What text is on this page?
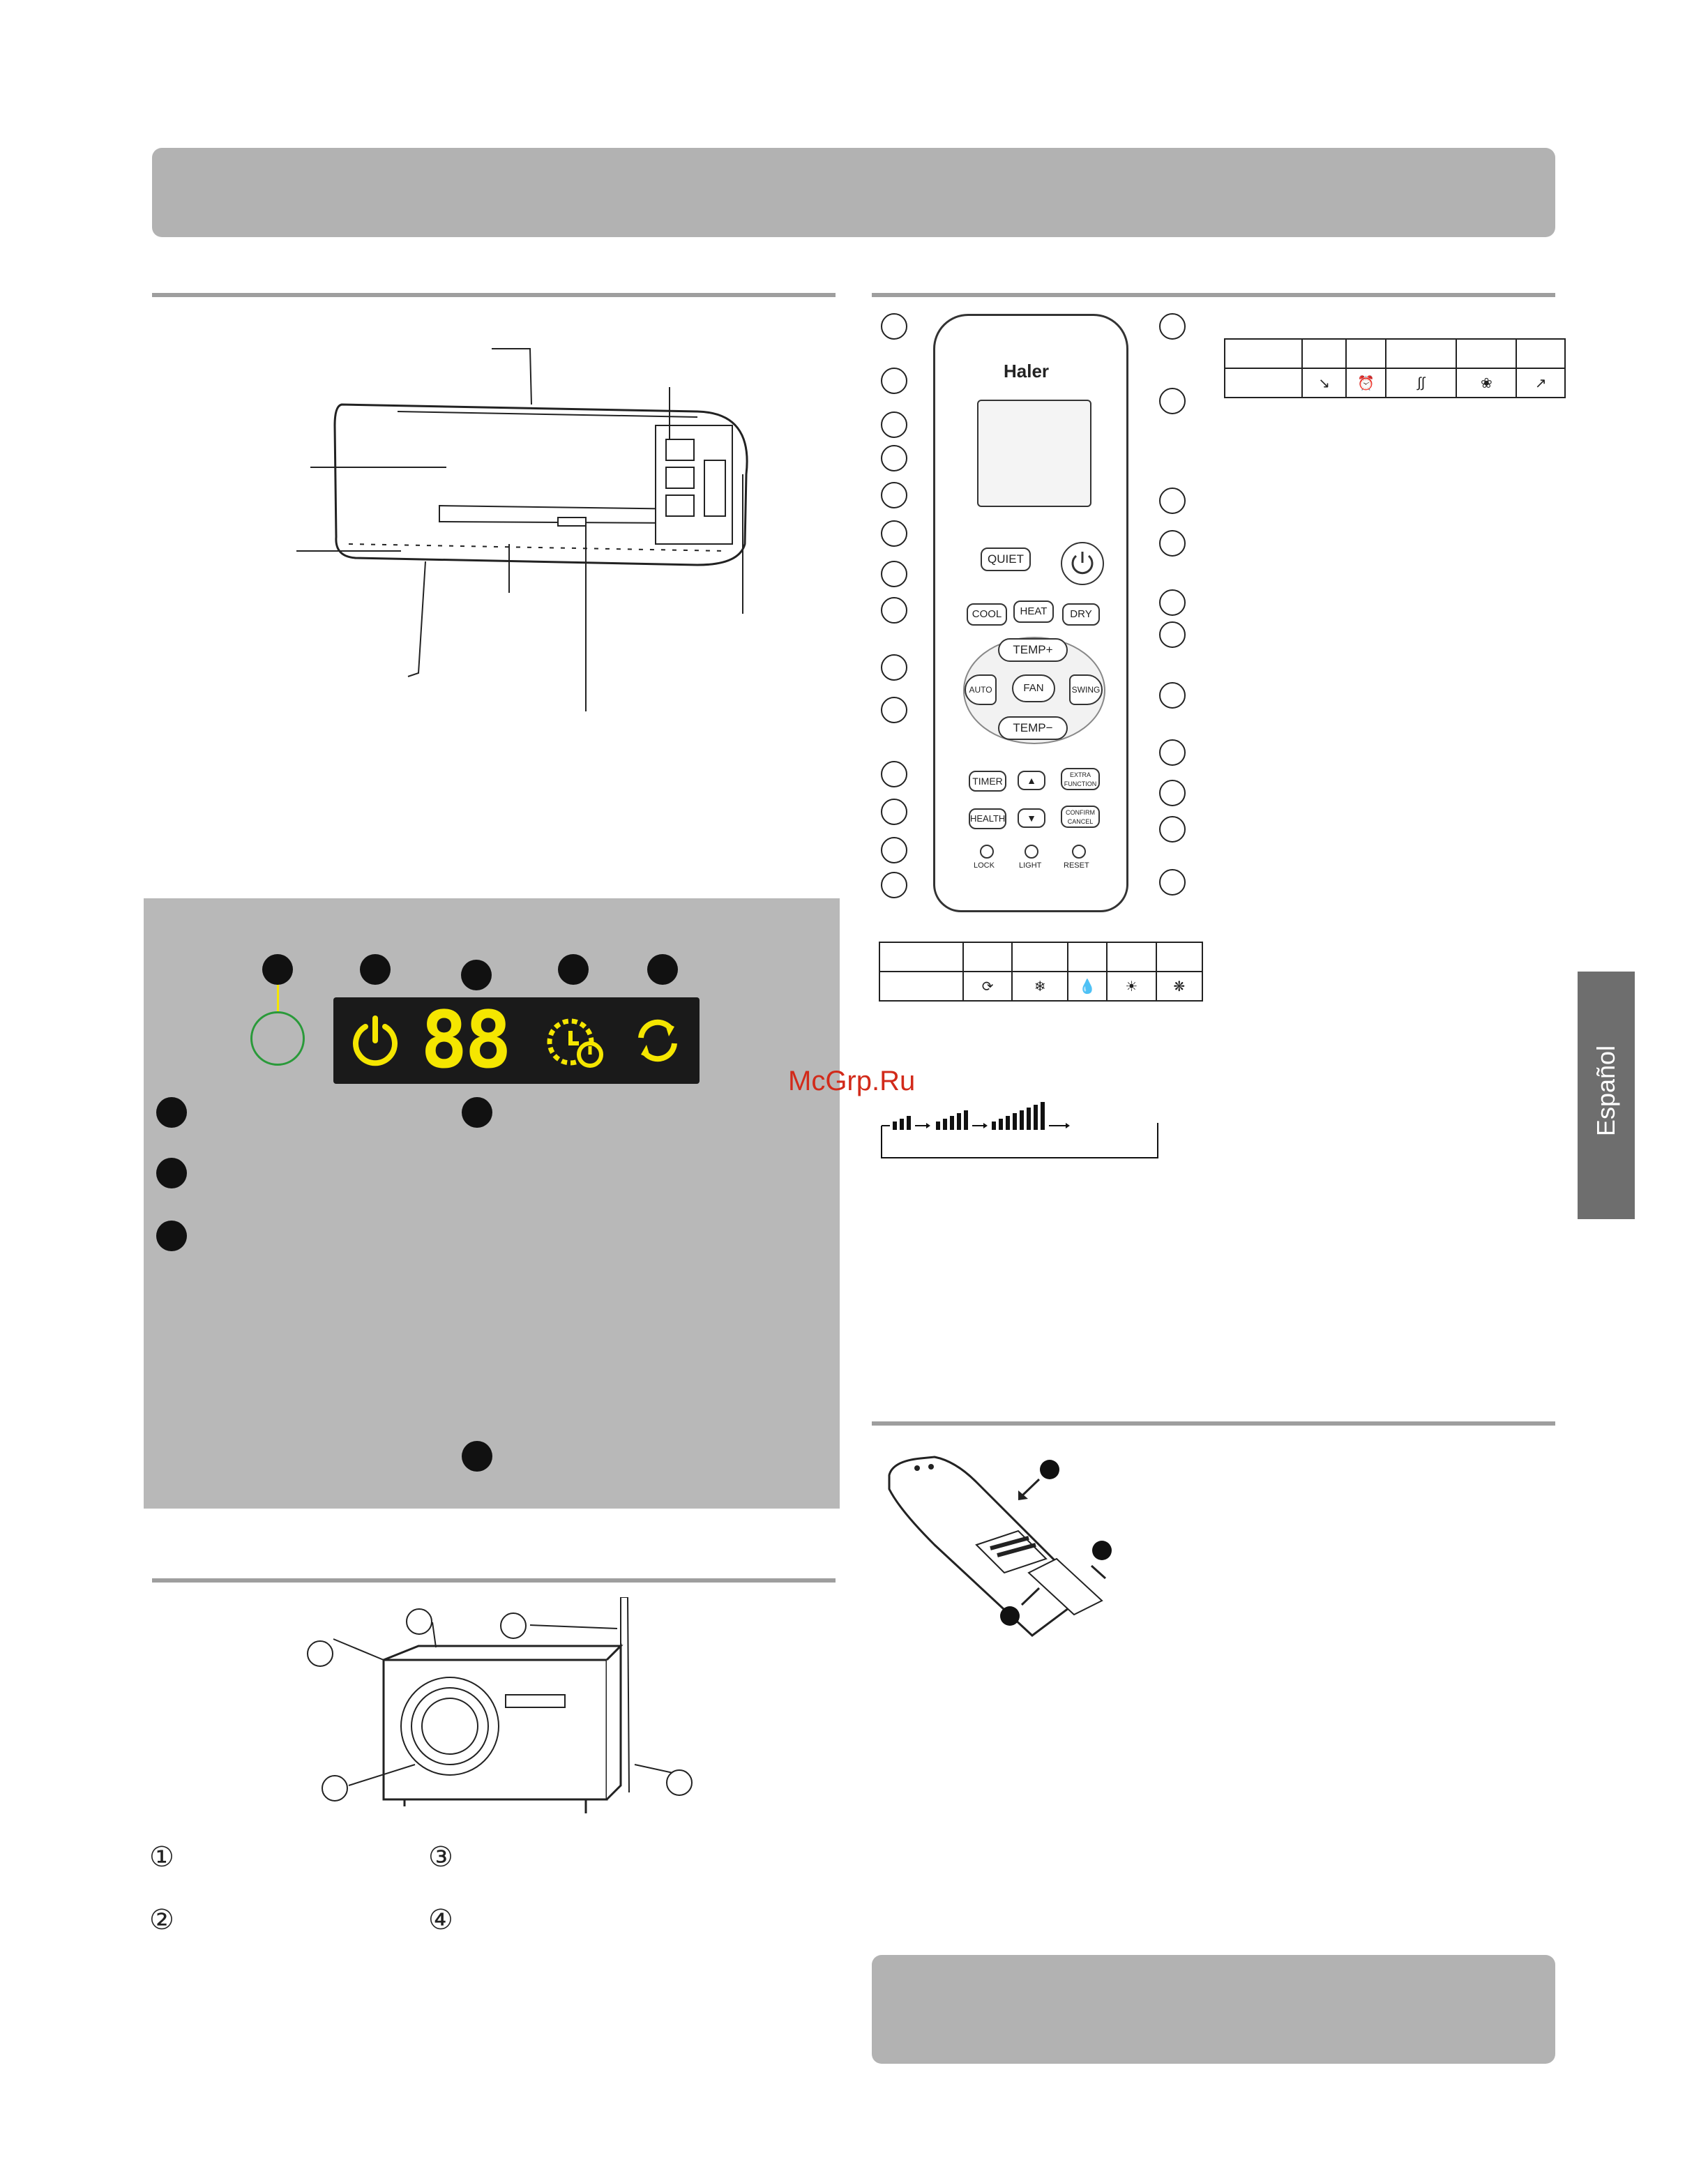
88
①	③
②	④
Haler
QUIET
COOL	HEAT	DRY
TEMP+
AUTO	FAN	SWING
TEMP−
TIMER	▲	EXTRA FUNCTION
HEALTH	▼	CONFIRM CANCEL
LOCK	LIGHT	RESET

	↘	⏰	∫∫	❀	↗

	⟳	❄	💧	☀	❋
McGrp.Ru	Español
